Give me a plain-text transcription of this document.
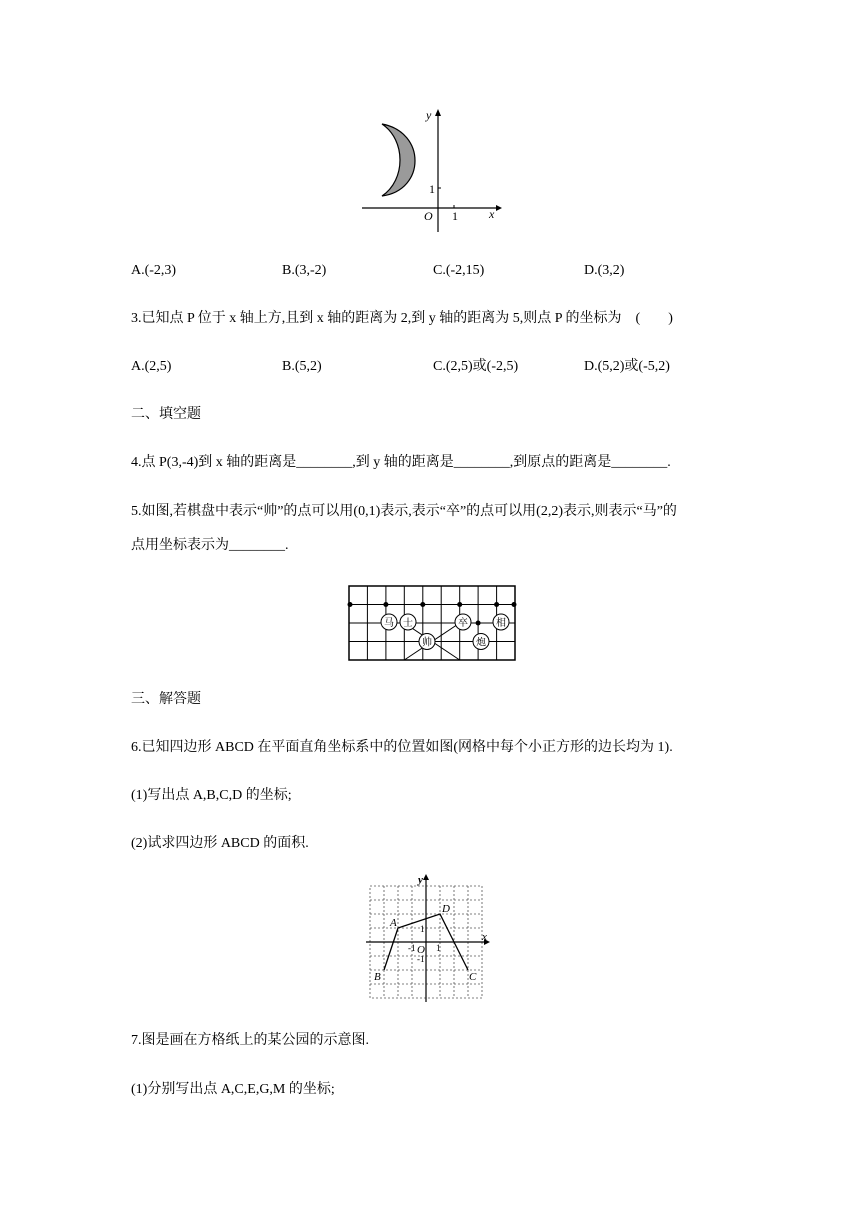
y
x
O 1
1
A.(-2,3)	B.(3,-2)	C.(-2,15)	D.(3,2)
3.已知点 P 位于 x 轴上方,且到 x 轴的距离为 2,到 y 轴的距离为 5,则点 P 的坐标为　(　　)
A.(2,5)	B.(5,2)	C.(2,5)或(-2,5)	D.(5,2)或(-5,2)
二、填空题
4.点 P(3,-4)到 x 轴的距离是________,到 y 轴的距离是________,到原点的距离是________.
5.如图,若棋盘中表示“帅”的点可以用(0,1)表示,表示“卒”的点可以用(2,2)表示,则表示“马”的
点用坐标表示为________.
马 士
帅
卒	相
炮
三、解答题
6.已知四边形 ABCD 在平面直角坐标系中的位置如图(网格中每个小正方形的边长均为 1).
(1)写出点 A,B,C,D 的坐标;
(2)试求四边形 ABCD 的面积.
y
x
O
A
B	C
D
1
1
-1
-1
7.图是画在方格纸上的某公园的示意图.
(1)分别写出点 A,C,E,G,M 的坐标;
